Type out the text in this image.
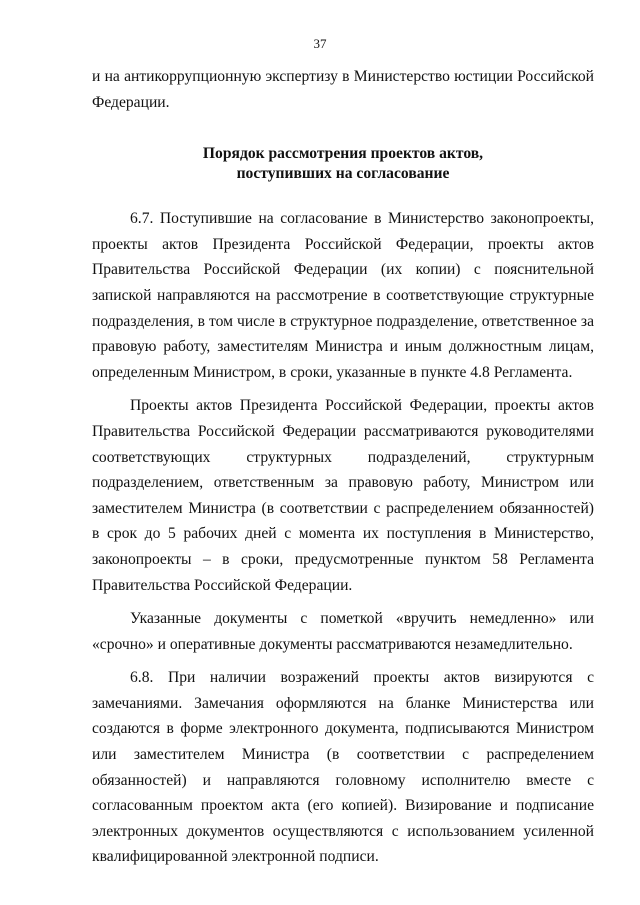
37

и на антикоррупционную экспертизу в Министерство юстиции Российской Федерации.

Порядок рассмотрения проектов актов,
поступивших на согласование

6.7. Поступившие на согласование в Министерство законопроекты, проекты актов Президента Российской Федерации, проекты актов Правительства Российской Федерации (их копии) с пояснительной запиской направляются на рассмотрение в соответствующие структурные подразделения, в том числе в структурное подразделение, ответственное за правовую работу, заместителям Министра и иным должностным лицам, определенным Министром, в сроки, указанные в пункте 4.8 Регламента.

Проекты актов Президента Российской Федерации, проекты актов Правительства Российской Федерации рассматриваются руководителями соответствующих структурных подразделений, структурным подразделением, ответственным за правовую работу, Министром или заместителем Министра (в соответствии с распределением обязанностей) в срок до 5 рабочих дней с момента их поступления в Министерство, законопроекты – в сроки, предусмотренные пунктом 58 Регламента Правительства Российской Федерации.

Указанные документы с пометкой «вручить немедленно» или «срочно» и оперативные документы рассматриваются незамедлительно.

6.8. При наличии возражений проекты актов визируются с замечаниями. Замечания оформляются на бланке Министерства или создаются в форме электронного документа, подписываются Министром или заместителем Министра (в соответствии с распределением обязанностей) и направляются головному исполнителю вместе с согласованным проектом акта (его копией). Визирование и подписание электронных документов осуществляются с использованием усиленной квалифицированной электронной подписи.
